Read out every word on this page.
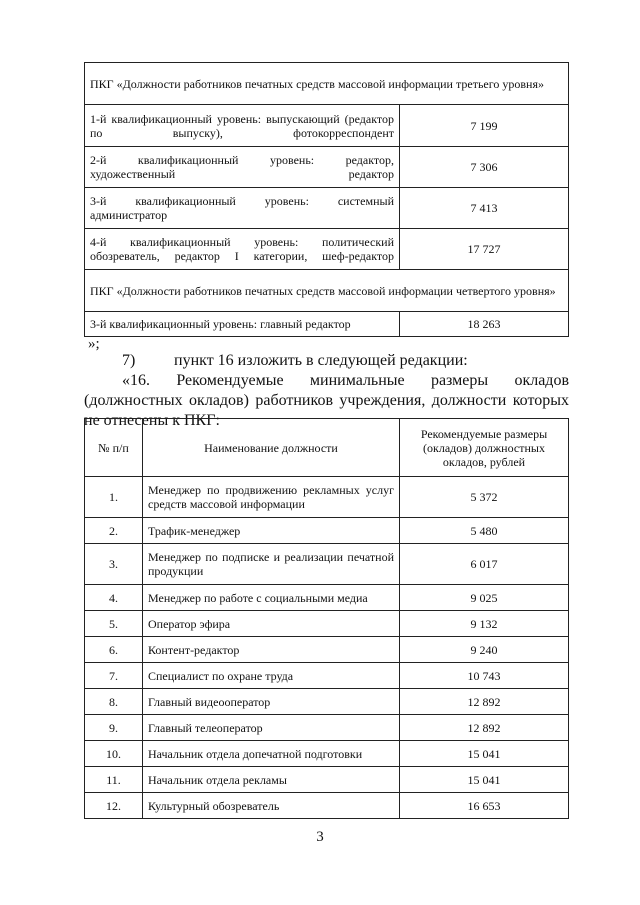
ПКГ «Должности работников печатных средств массовой информации третьего уровня»	
1-й квалификационный уровень: выпускающий (редактор по выпуску), фотокорреспондент	7 199
2-й квалификационный уровень: редактор, художественный редактор	7 306
3-й квалификационный уровень: системный администратор	7 413
4-й квалификационный уровень: политический обозреватель, редактор I категории, шеф-редактор	17 727
ПКГ «Должности работников печатных средств массовой информации четвертого уровня»	
3-й квалификационный уровень: главный редактор	18 263
»;
7) пункт 16 изложить в следующей редакции:
«16. Рекомендуемые минимальные размеры окладов (должностных окладов) работников учреждения, должности которых не отнесены к ПКГ:
№ п/п	Наименование должности	Рекомендуемые размеры (окладов) должностных окладов, рублей
1.	Менеджер по продвижению рекламных услуг средств массовой информации	5 372
2.	Трафик-менеджер	5 480
3.	Менеджер по подписке и реализации печатной продукции	6 017
4.	Менеджер по работе с социальными медиа	9 025
5.	Оператор эфира	9 132
6.	Контент-редактор	9 240
7.	Специалист по охране труда	10 743
8.	Главный видеооператор	12 892
9.	Главный телеоператор	12 892
10.	Начальник отдела допечатной подготовки	15 041
11.	Начальник отдела рекламы	15 041
12.	Культурный обозреватель	16 653
3
